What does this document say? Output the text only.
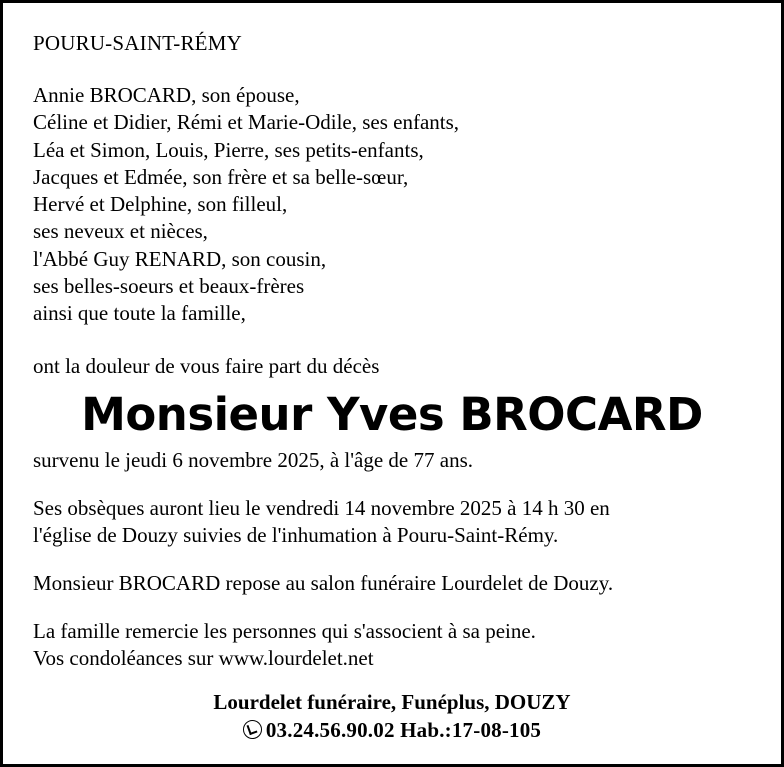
POURU-SAINT-RÉMY
Annie BROCARD, son épouse,
Céline et Didier, Rémi et Marie-Odile, ses enfants,
Léa et Simon, Louis, Pierre, ses petits-enfants,
Jacques et Edmée, son frère et sa belle-sœur,
Hervé et Delphine, son filleul,
ses neveux et nièces,
l'Abbé Guy RENARD, son cousin,
ses belles-soeurs et beaux-frères
ainsi que toute la famille,
ont la douleur de vous faire part du décès
Monsieur Yves BROCARD
survenu le jeudi 6 novembre 2025, à l'âge de 77 ans.
Ses obsèques auront lieu le vendredi 14 novembre 2025 à 14 h 30 en
l'église de Douzy suivies de l'inhumation à Pouru-Saint-Rémy.
Monsieur BROCARD repose au salon funéraire Lourdelet de Douzy.
La famille remercie les personnes qui s'associent à sa peine.
Vos condoléances sur www.lourdelet.net
Lourdelet funéraire, Funéplus, DOUZY
03.24.56.90.02 Hab.:17-08-105
